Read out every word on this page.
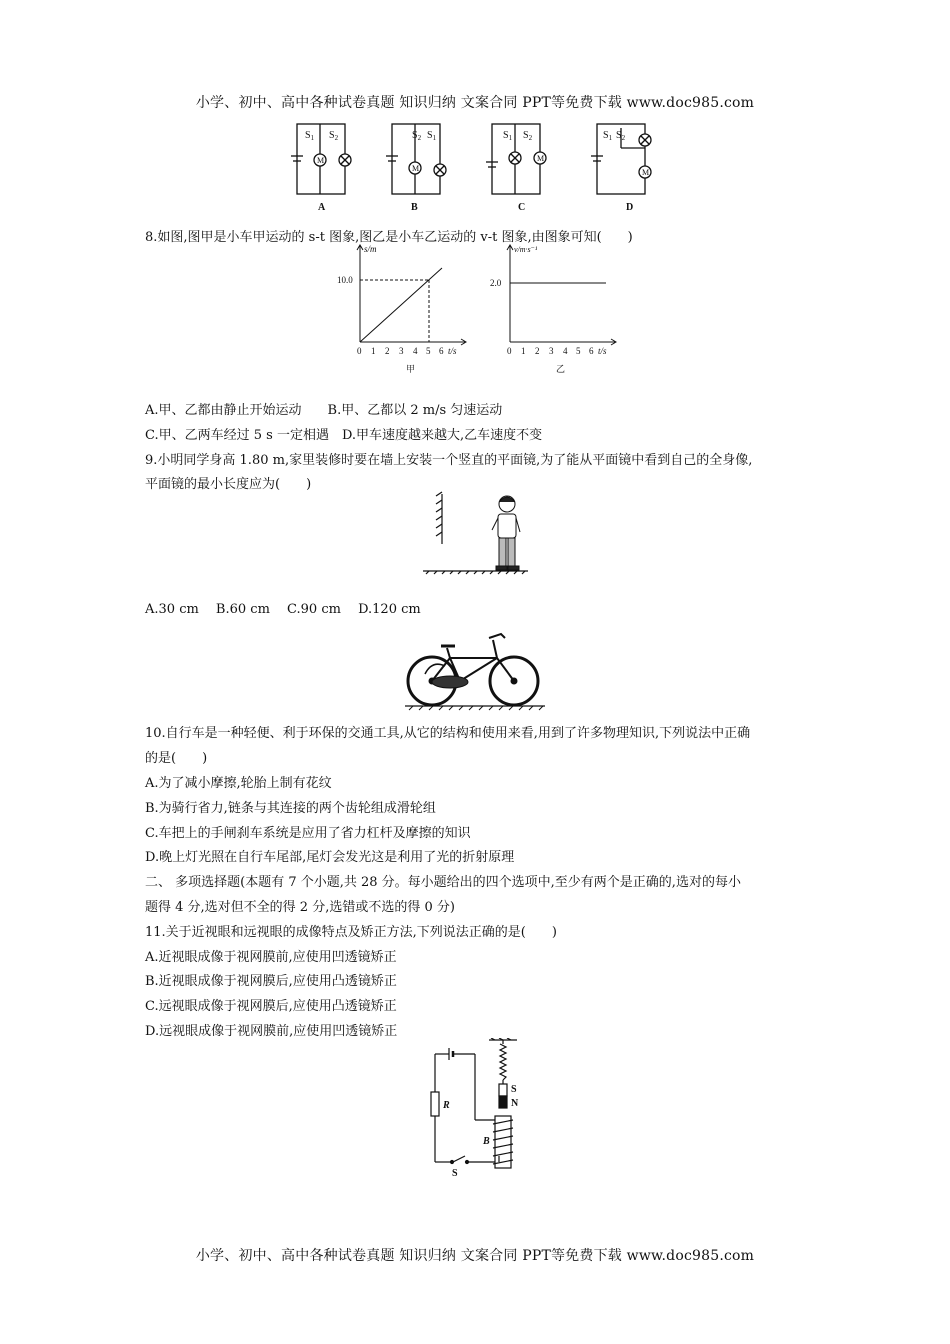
小学、初中、高中各种试卷真题 知识归纳 文案合同 PPT等免费下载 www.doc985.com
$S_1$ $S_2$
M
$S_2$ $S_1$
M
$S_1$ $S_2$
M
$S_1$ $S_2$
M
A	B	C	D
8.如图,图甲是小车甲运动的 s-t 图象,图乙是小车乙运动的 v-t 图象,由图象可知(　　)
s/m
10.0
0 1 2 3 4 5 6 t/s
甲
v/m·s⁻¹
2.0
0 1 2 3 4 5 6 t/s
乙
A.甲、乙都由静止开始运动　　B.甲、乙都以 2 m/s 匀速运动
C.甲、乙两车经过 5 s 一定相遇　D.甲车速度越来越大,乙车速度不变
9.小明同学身高 1.80 m,家里装修时要在墙上安装一个竖直的平面镜,为了能从平面镜中看到自己的全身像,
平面镜的最小长度应为(　　)
A.30 cm　 B.60 cm　 C.90 cm　 D.120 cm
10.自行车是一种轻便、利于环保的交通工具,从它的结构和使用来看,用到了许多物理知识,下列说法中正确
的是(　　)
A.为了减小摩擦,轮胎上制有花纹
B.为骑行省力,链条与其连接的两个齿轮组成滑轮组
C.车把上的手闸刹车系统是应用了省力杠杆及摩擦的知识
D.晚上灯光照在自行车尾部,尾灯会发光这是利用了光的折射原理
二、 多项选择题(本题有 7 个小题,共 28 分。每小题给出的四个选项中,至少有两个是正确的,选对的每小
题得 4 分,选对但不全的得 2 分,选错或不选的得 0 分)
11.关于近视眼和远视眼的成像特点及矫正方法,下列说法正确的是(　　)
A.近视眼成像于视网膜前,应使用凹透镜矫正
B.近视眼成像于视网膜后,应使用凸透镜矫正
C.远视眼成像于视网膜后,应使用凸透镜矫正
D.远视眼成像于视网膜前,应使用凹透镜矫正
R
B
S
S
N
小学、初中、高中各种试卷真题 知识归纳 文案合同 PPT等免费下载 www.doc985.com
